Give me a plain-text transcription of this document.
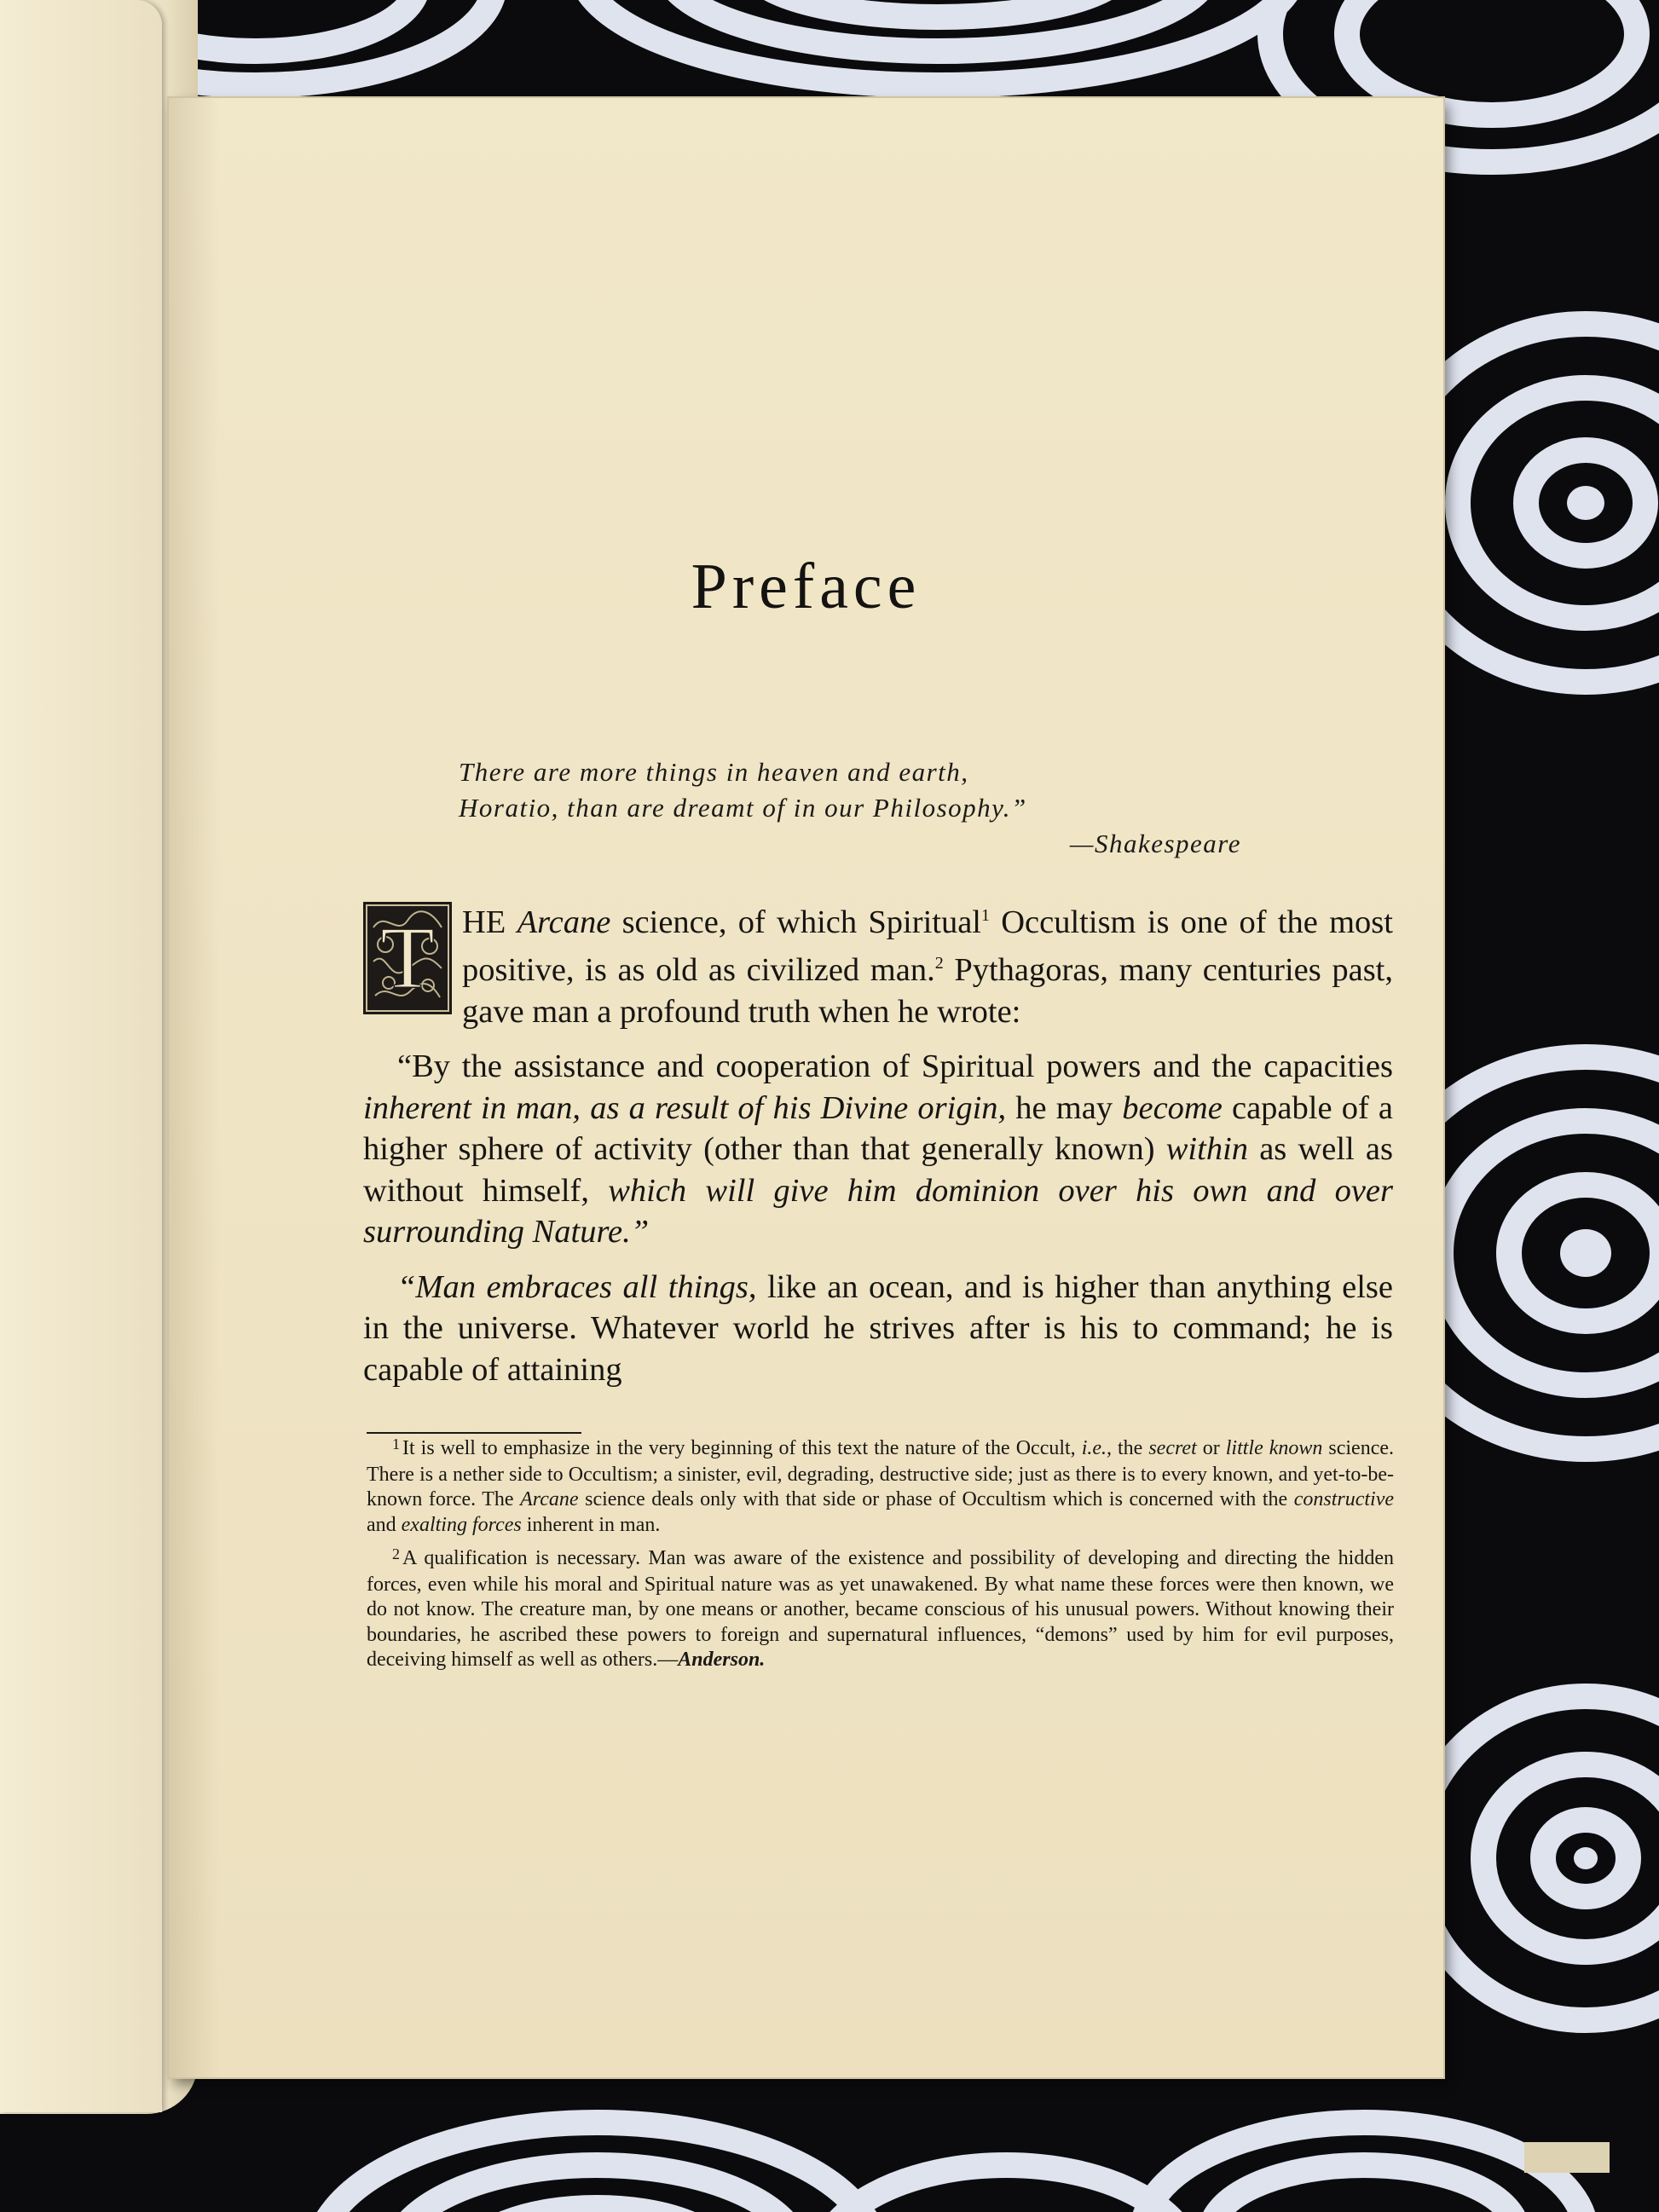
Preface
There are more things in heaven and earth,
Horatio, than are dreamt of in our Philosophy.”
—Shakespeare

T HE Arcane science, of which Spiritual$^1$ Occultism is one of the most positive, is as old as civilized man.$^2$ Pythagoras, many centuries past, gave man a profound truth when he wrote:

“By the assistance and cooperation of Spiritual powers and the capacities inherent in man, as a result of his Divine origin, he may become capable of a higher sphere of activity (other than that generally known) within as well as without himself, which will give him dominion over his own and over surrounding Nature.”

“Man embraces all things, like an ocean, and is higher than anything else in the universe. Whatever world he strives after is his to command; he is capable of attaining

$^1$ It is well to emphasize in the very beginning of this text the nature of the Occult, i.e., the secret or little known science. There is a nether side to Occultism; a sinister, evil, degrading, destructive side; just as there is to every known, and yet-to-be-known force. The Arcane science deals only with that side or phase of Occultism which is concerned with the constructive and exalting forces inherent in man.

$^2$ A qualification is necessary. Man was aware of the existence and possibility of developing and directing the hidden forces, even while his moral and Spiritual nature was as yet unawakened. By what name these forces were then known, we do not know. The creature man, by one means or another, became conscious of his unusual powers. Without knowing their boundaries, he ascribed these powers to foreign and supernatural influences, “demons” used by him for evil purposes, deceiving himself as well as others.—Anderson.
